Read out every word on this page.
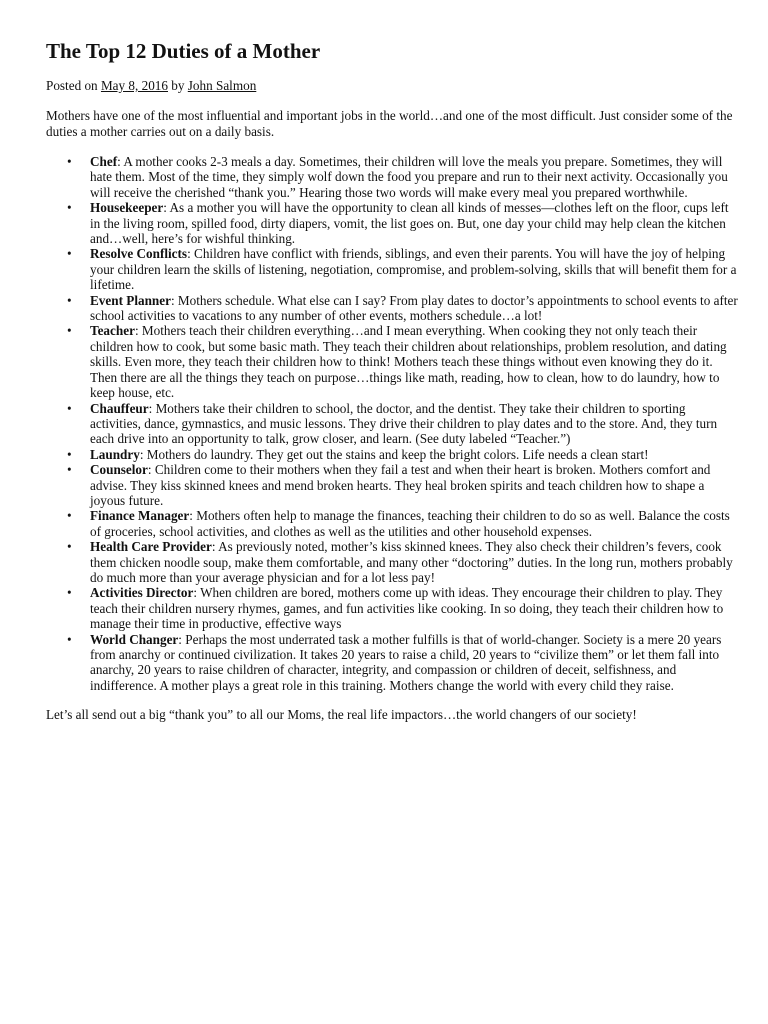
The Top 12 Duties of a Mother

Posted on May 8, 2016 by John Salmon

Mothers have one of the most influential and important jobs in the world…and one of the most difficult. Just consider some of the duties a mother carries out on a daily basis.

• Chef: A mother cooks 2-3 meals a day. Sometimes, their children will love the meals you prepare. Sometimes, they will hate them. Most of the time, they simply wolf down the food you prepare and run to their next activity. Occasionally you will receive the cherished “thank you.” Hearing those two words will make every meal you prepared worthwhile.
• Housekeeper: As a mother you will have the opportunity to clean all kinds of messes—clothes left on the floor, cups left in the living room, spilled food, dirty diapers, vomit, the list goes on. But, one day your child may help clean the kitchen and…well, here’s for wishful thinking.
• Resolve Conflicts: Children have conflict with friends, siblings, and even their parents. You will have the joy of helping your children learn the skills of listening, negotiation, compromise, and problem-solving, skills that will benefit them for a lifetime.
• Event Planner: Mothers schedule. What else can I say? From play dates to doctor’s appointments to school events to after school activities to vacations to any number of other events, mothers schedule…a lot!
• Teacher: Mothers teach their children everything…and I mean everything. When cooking they not only teach their children how to cook, but some basic math. They teach their children about relationships, problem resolution, and dating skills. Even more, they teach their children how to think! Mothers teach these things without even knowing they do it. Then there are all the things they teach on purpose…things like math, reading, how to clean, how to do laundry, how to keep house, etc.
• Chauffeur: Mothers take their children to school, the doctor, and the dentist. They take their children to sporting activities, dance, gymnastics, and music lessons. They drive their children to play dates and to the store. And, they turn each drive into an opportunity to talk, grow closer, and learn. (See duty labeled “Teacher.”)
• Laundry: Mothers do laundry. They get out the stains and keep the bright colors. Life needs a clean start!
• Counselor: Children come to their mothers when they fail a test and when their heart is broken. Mothers comfort and advise. They kiss skinned knees and mend broken hearts. They heal broken spirits and teach children how to shape a joyous future.
• Finance Manager: Mothers often help to manage the finances, teaching their children to do so as well. Balance the costs of groceries, school activities, and clothes as well as the utilities and other household expenses.
• Health Care Provider: As previously noted, mother’s kiss skinned knees. They also check their children’s fevers, cook them chicken noodle soup, make them comfortable, and many other “doctoring” duties. In the long run, mothers probably do much more than your average physician and for a lot less pay!
• Activities Director: When children are bored, mothers come up with ideas. They encourage their children to play. They teach their children nursery rhymes, games, and fun activities like cooking. In so doing, they teach their children how to manage their time in productive, effective ways
• World Changer: Perhaps the most underrated task a mother fulfills is that of world-changer. Society is a mere 20 years from anarchy or continued civilization. It takes 20 years to raise a child, 20 years to “civilize them” or let them fall into anarchy, 20 years to raise children of character, integrity, and compassion or children of deceit, selfishness, and indifference. A mother plays a great role in this training. Mothers change the world with every child they raise.

Let’s all send out a big “thank you” to all our Moms, the real life impactors…the world changers of our society!
